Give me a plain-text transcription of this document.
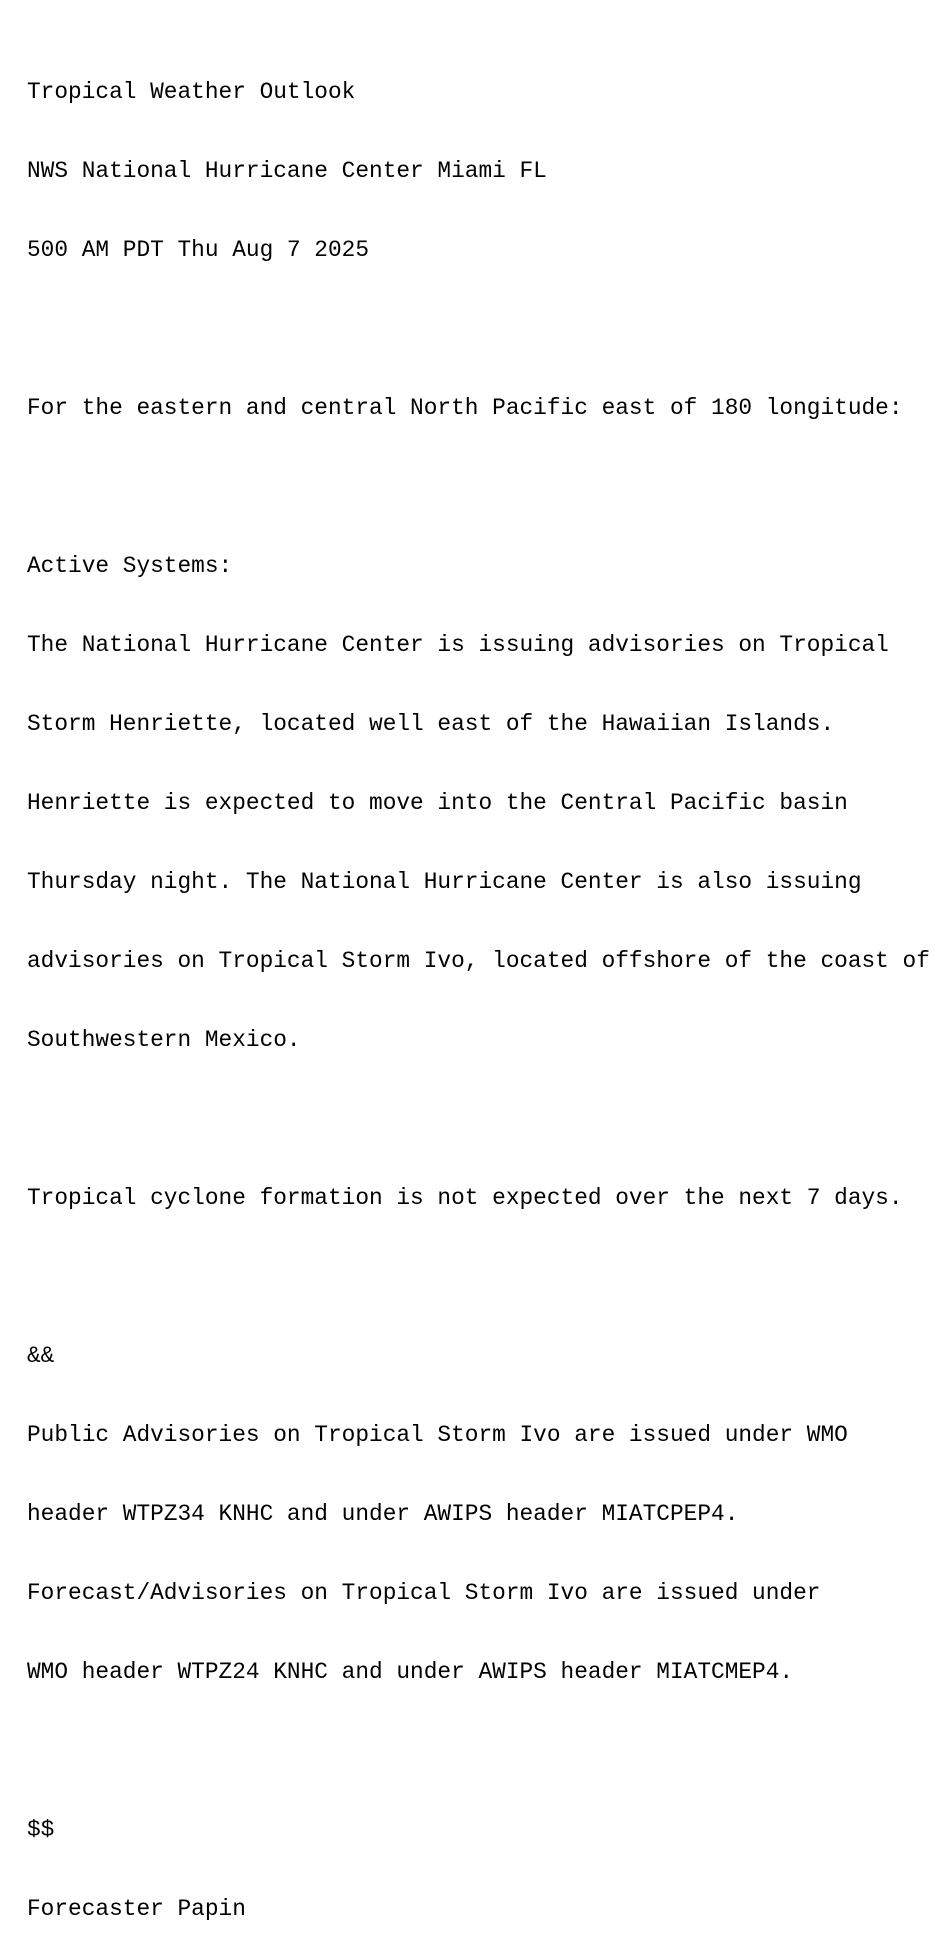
Tropical Weather Outlook

NWS National Hurricane Center Miami FL

500 AM PDT Thu Aug 7 2025

For the eastern and central North Pacific east of 180 longitude:

Active Systems:

The National Hurricane Center is issuing advisories on Tropical

Storm Henriette, located well east of the Hawaiian Islands.

Henriette is expected to move into the Central Pacific basin

Thursday night. The National Hurricane Center is also issuing

advisories on Tropical Storm Ivo, located offshore of the coast of

Southwestern Mexico.

Tropical cyclone formation is not expected over the next 7 days.

&&

Public Advisories on Tropical Storm Ivo are issued under WMO

header WTPZ34 KNHC and under AWIPS header MIATCPEP4.

Forecast/Advisories on Tropical Storm Ivo are issued under

WMO header WTPZ24 KNHC and under AWIPS header MIATCMEP4.

$$

Forecaster Papin
